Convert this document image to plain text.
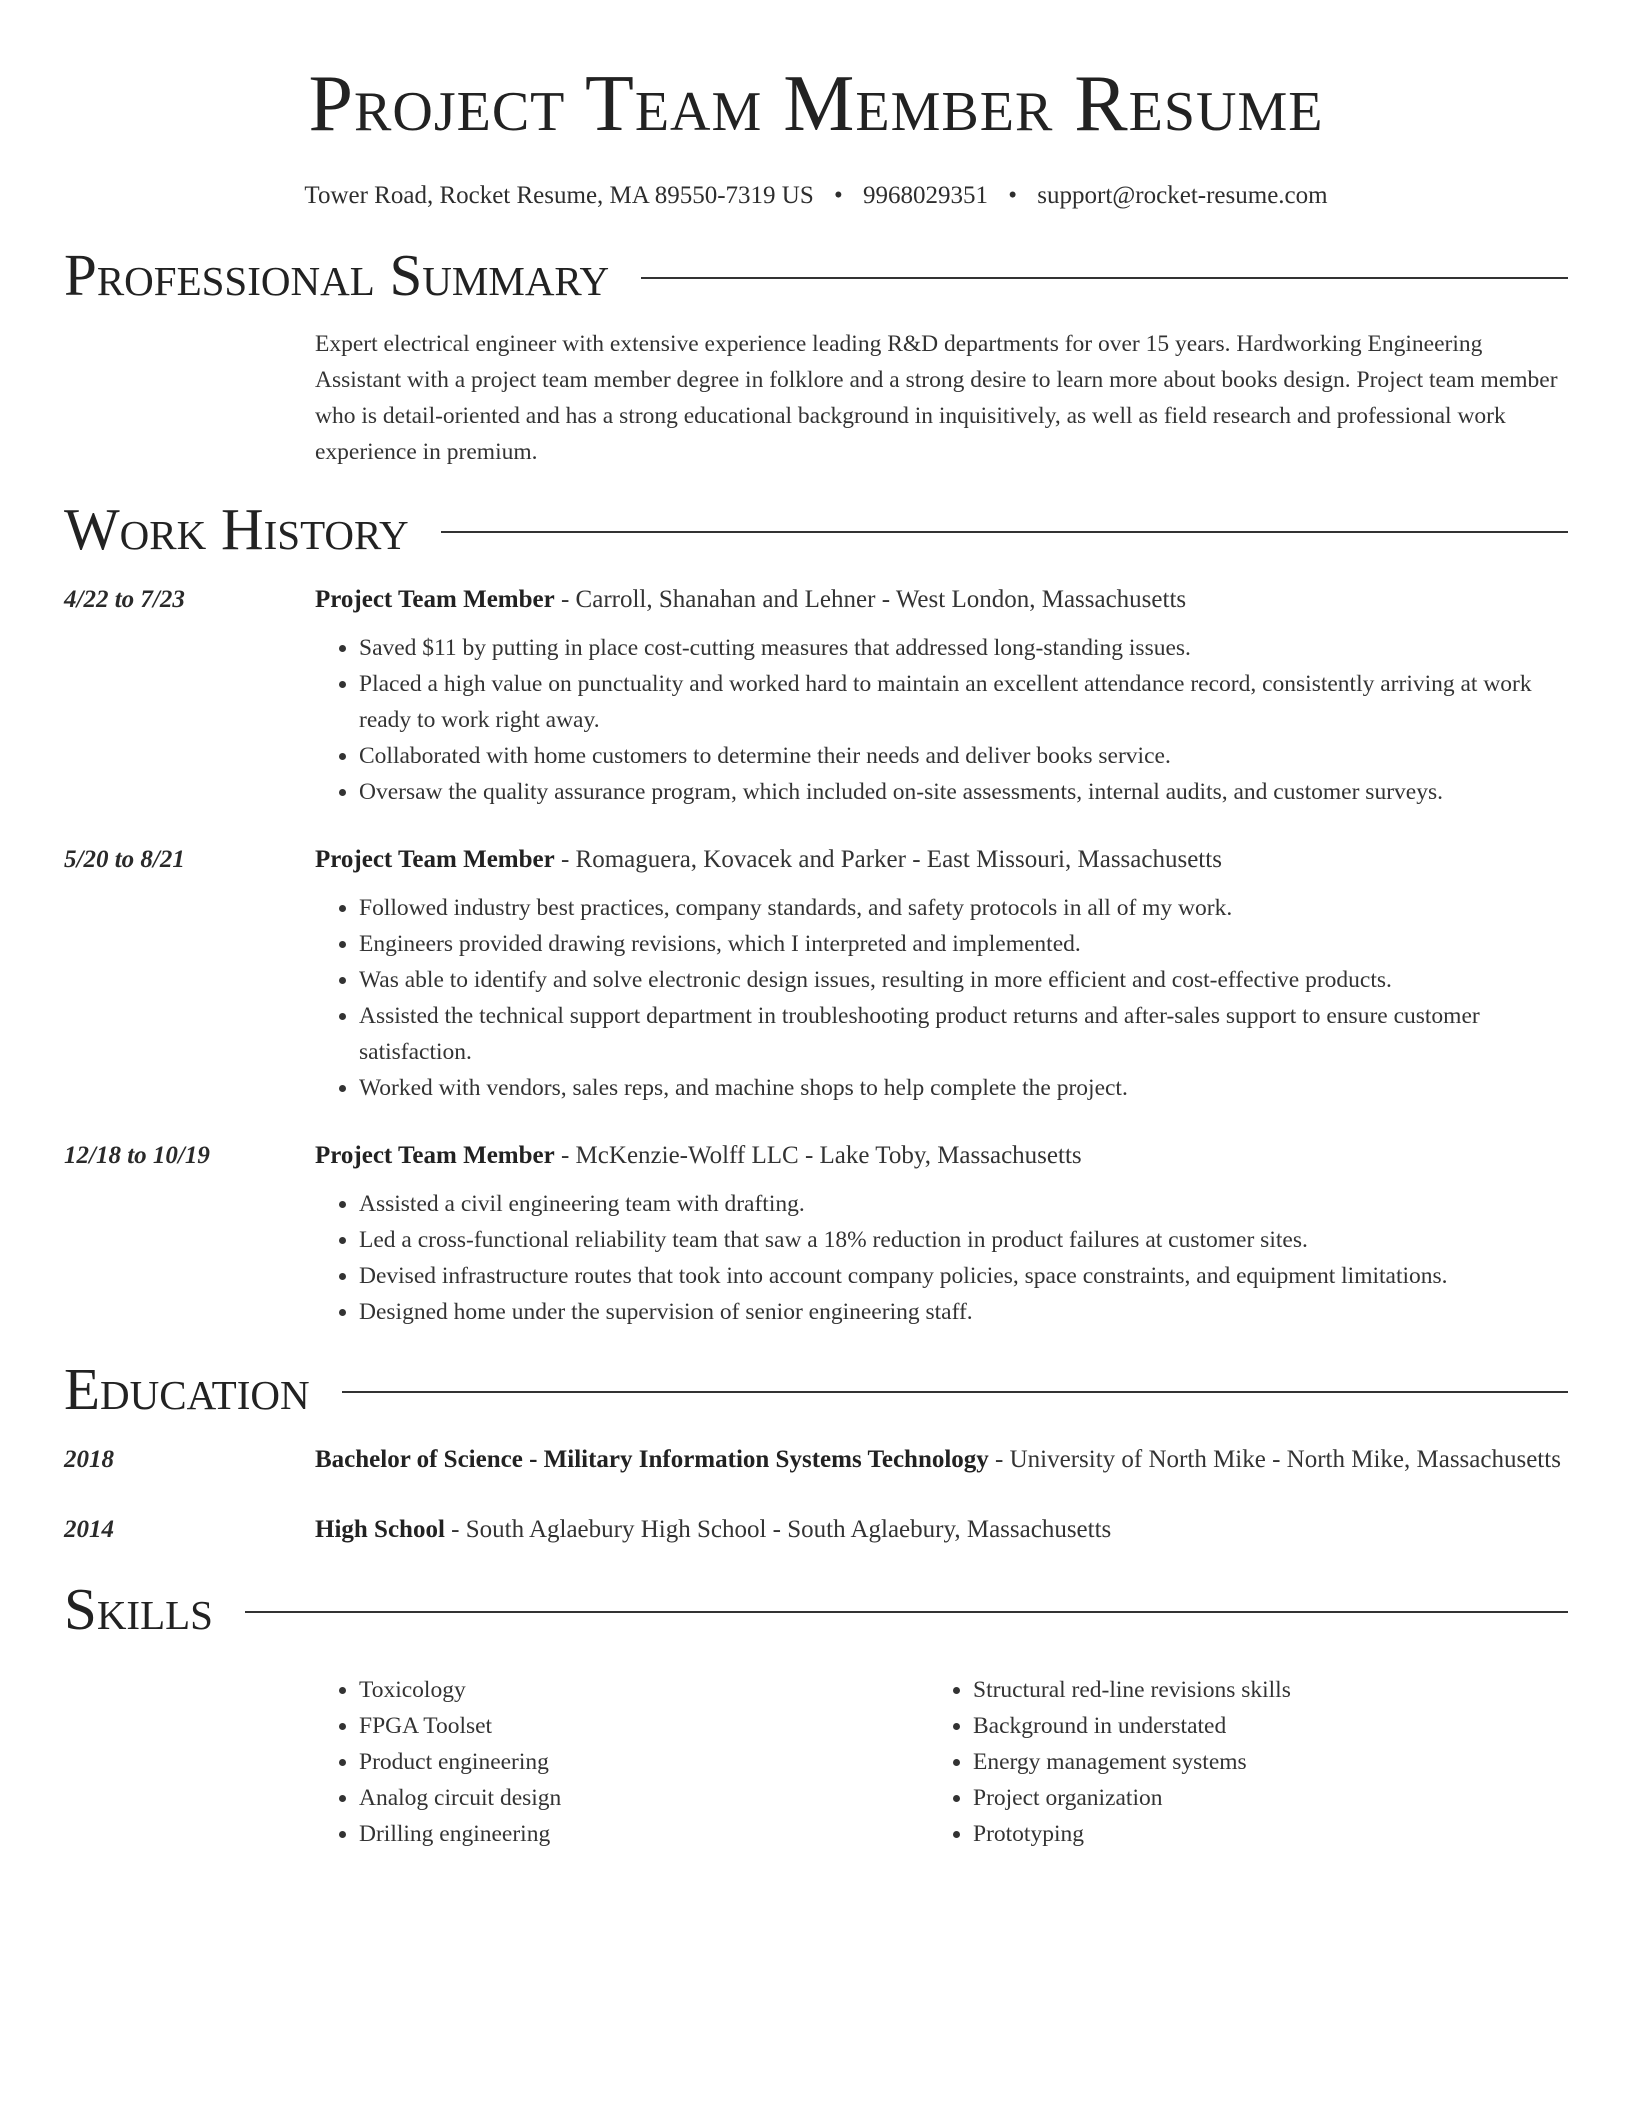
Project Team Member Resume
Tower Road, Rocket Resume, MA 89550-7319 US • 9968029351 • support@rocket-resume.com
Professional Summary
Expert electrical engineer with extensive experience leading R&D departments for over 15 years. Hardworking Engineering Assistant with a project team member degree in folklore and a strong desire to learn more about books design. Project team member who is detail-oriented and has a strong educational background in inquisitively, as well as field research and professional work experience in premium.
Work History
4/22 to 7/23	Project Team Member - Carroll, Shanahan and Lehner - West London, Massachusetts
• Saved $11 by putting in place cost-cutting measures that addressed long-standing issues.
• Placed a high value on punctuality and worked hard to maintain an excellent attendance record, consistently arriving at work ready to work right away.
• Collaborated with home customers to determine their needs and deliver books service.
• Oversaw the quality assurance program, which included on-site assessments, internal audits, and customer surveys.
5/20 to 8/21	Project Team Member - Romaguera, Kovacek and Parker - East Missouri, Massachusetts
• Followed industry best practices, company standards, and safety protocols in all of my work.
• Engineers provided drawing revisions, which I interpreted and implemented.
• Was able to identify and solve electronic design issues, resulting in more efficient and cost-effective products.
• Assisted the technical support department in troubleshooting product returns and after-sales support to ensure customer satisfaction.
• Worked with vendors, sales reps, and machine shops to help complete the project.
12/18 to 10/19	Project Team Member - McKenzie-Wolff LLC - Lake Toby, Massachusetts
• Assisted a civil engineering team with drafting.
• Led a cross-functional reliability team that saw a 18% reduction in product failures at customer sites.
• Devised infrastructure routes that took into account company policies, space constraints, and equipment limitations.
• Designed home under the supervision of senior engineering staff.
Education
2018	Bachelor of Science - Military Information Systems Technology - University of North Mike - North Mike, Massachusetts
2014	High School - South Aglaebury High School - South Aglaebury, Massachusetts
Skills
• Toxicology
• FPGA Toolset
• Product engineering
• Analog circuit design
• Drilling engineering
• Structural red-line revisions skills
• Background in understated
• Energy management systems
• Project organization
• Prototyping
